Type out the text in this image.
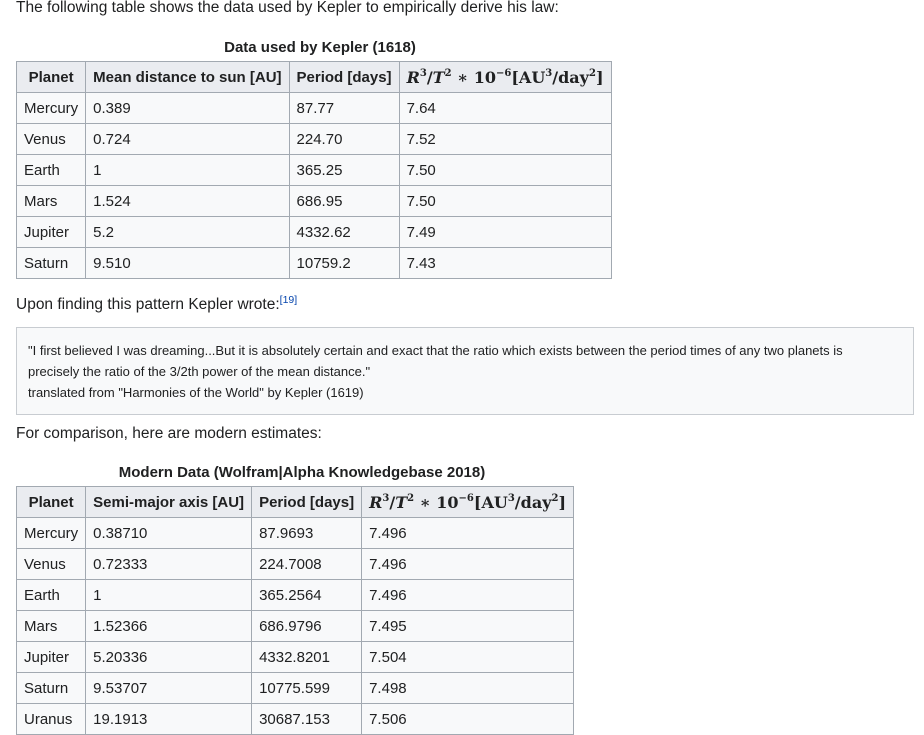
The following table shows the data used by Kepler to empirically derive his law:

Data used by Kepler (1618)
Planet	Mean distance to sun [AU]	Period [days]	$R^3/T^2$ ∗ $10^{-6}[AU^3/day^2]$
Mercury	0.389	87.77	7.64
Venus	0.724	224.70	7.52
Earth	1	365.25	7.50
Mars	1.524	686.95	7.50
Jupiter	5.2	4332.62	7.49
Saturn	9.510	10759.2	7.43

Upon finding this pattern Kepler wrote:[19]

"I first believed I was dreaming...But it is absolutely certain and exact that the ratio which exists between the period times of any two planets is
precisely the ratio of the 3/2th power of the mean distance."
translated from "Harmonies of the World" by Kepler (1619)

For comparison, here are modern estimates:

Modern Data (Wolfram|Alpha Knowledgebase 2018)
Planet	Semi-major axis [AU]	Period [days]	$R^3/T^2$ ∗ $10^{-6}[AU^3/day^2]$
Mercury	0.38710	87.9693	7.496
Venus	0.72333	224.7008	7.496
Earth	1	365.2564	7.496
Mars	1.52366	686.9796	7.495
Jupiter	5.20336	4332.8201	7.504
Saturn	9.53707	10775.599	7.498
Uranus	19.1913	30687.153	7.506
